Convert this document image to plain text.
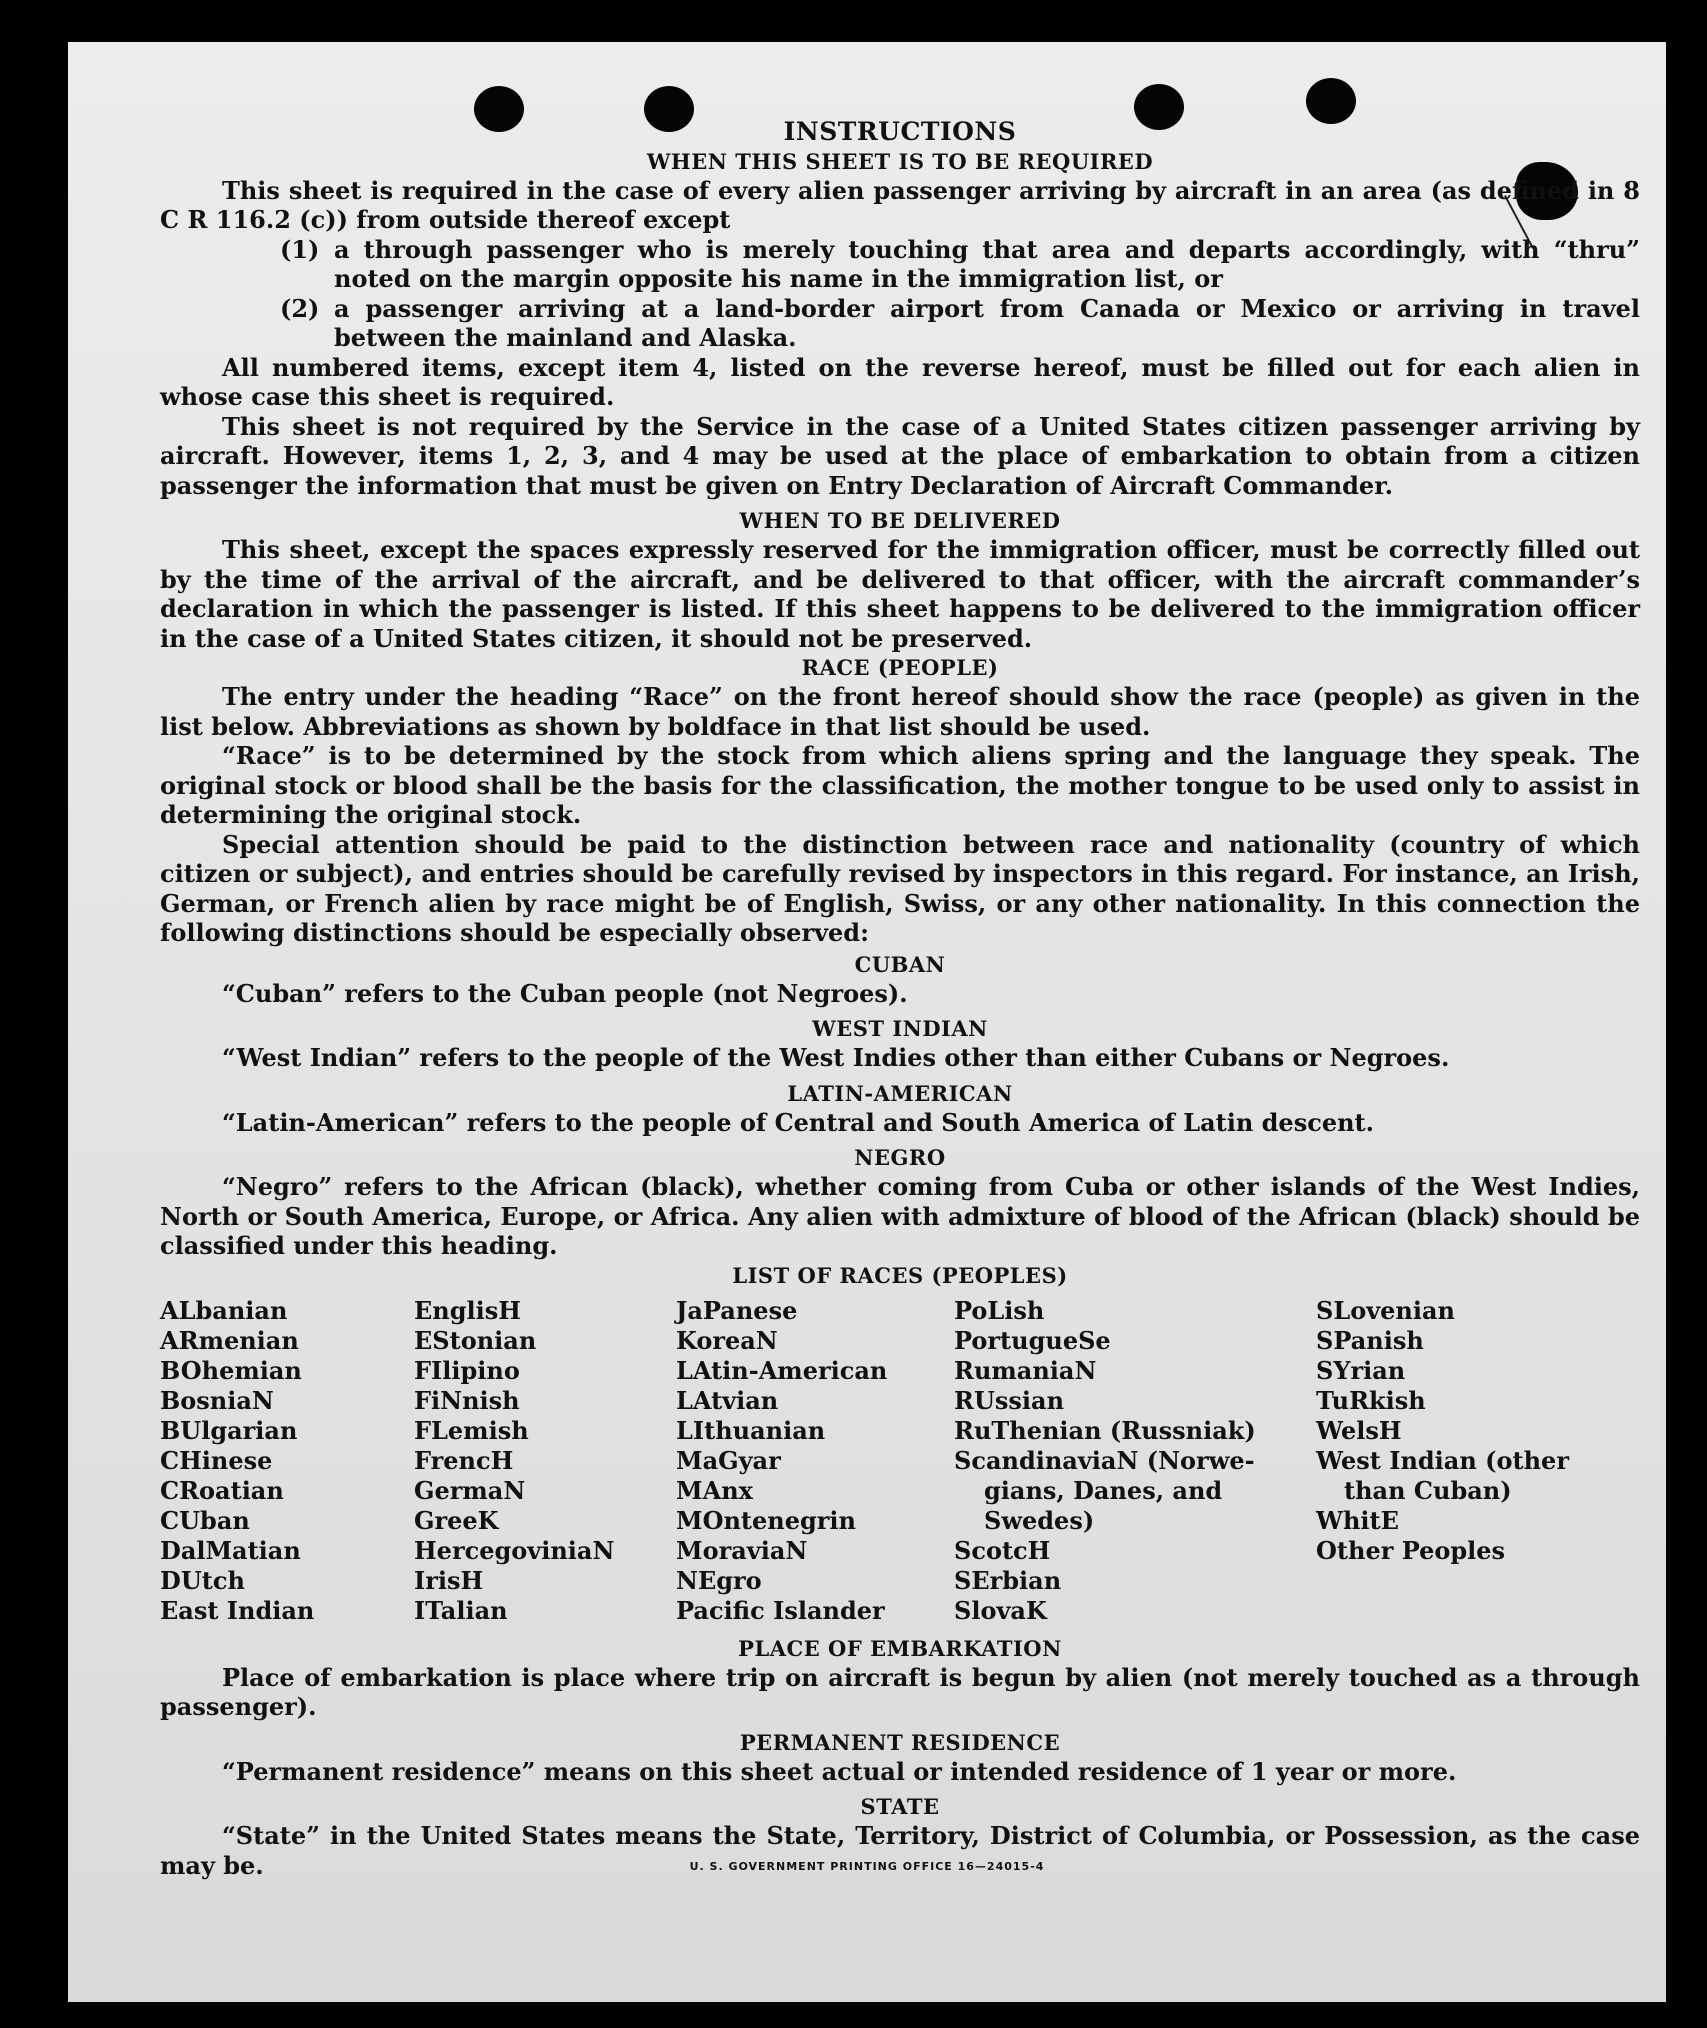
INSTRUCTIONS
WHEN THIS SHEET IS TO BE REQUIRED

This sheet is required in the case of every alien passenger arriving by aircraft in an area (as defined in 8 C R 116.2 (c)) from outside thereof except

(1) a through passenger who is merely touching that area and departs accordingly, with “thru” noted on the margin opposite his name in the immigration list, or
(2) a passenger arriving at a land-border airport from Canada or Mexico or arriving in travel between the mainland and Alaska.

All numbered items, except item 4, listed on the reverse hereof, must be filled out for each alien in whose case this sheet is required.

This sheet is not required by the Service in the case of a United States citizen passenger arriving by aircraft. However, items 1, 2, 3, and 4 may be used at the place of embarkation to obtain from a citizen passenger the information that must be given on Entry Declaration of Aircraft Commander.

WHEN TO BE DELIVERED

This sheet, except the spaces expressly reserved for the immigration officer, must be correctly filled out by the time of the arrival of the aircraft, and be delivered to that officer, with the aircraft commander’s declaration in which the passenger is listed. If this sheet happens to be delivered to the immigration officer in the case of a United States citizen, it should not be preserved.

RACE (PEOPLE)

The entry under the heading “Race” on the front hereof should show the race (people) as given in the list below. Abbreviations as shown by boldface in that list should be used.

“Race” is to be determined by the stock from which aliens spring and the language they speak. The original stock or blood shall be the basis for the classification, the mother tongue to be used only to assist in determining the original stock.

Special attention should be paid to the distinction between race and nationality (country of which citizen or subject), and entries should be carefully revised by inspectors in this regard. For instance, an Irish, German, or French alien by race might be of English, Swiss, or any other nationality. In this connection the following distinctions should be especially observed:

CUBAN

“Cuban” refers to the Cuban people (not Negroes).

WEST INDIAN

“West Indian” refers to the people of the West Indies other than either Cubans or Negroes.

LATIN-AMERICAN

“Latin-American” refers to the people of Central and South America of Latin descent.

NEGRO

“Negro” refers to the African (black), whether coming from Cuba or other islands of the West Indies, North or South America, Europe, or Africa. Any alien with admixture of blood of the African (black) should be classified under this heading.

LIST OF RACES (PEOPLES)
ALbanian
ARmenian
BOhemian
BosniaN
BUlgarian
CHinese
CRoatian
CUban
DalMatian
DUtch
East Indian
EnglisH
EStonian
FIlipino
FiNnish
FLemish
FrencH
GermaN
GreeK
HercegoviniaN
IrisH
ITalian
JaPanese
KoreaN
LAtin-American
LAtvian
LIthuanian
MaGyar
MAnx
MOntenegrin
MoraviaN
NEgro
Pacific Islander
PoLish
PortugueSe
RumaniaN
RUssian
RuThenian (Russniak)
ScandinaviaN (Norwe-
gians, Danes, and
Swedes)
ScotcH
SErbian
SlovaK
SLovenian
SPanish
SYrian
TuRkish
WelsH
West Indian (other
than Cuban)
WhitE
Other Peoples
PLACE OF EMBARKATION

Place of embarkation is place where trip on aircraft is begun by alien (not merely touched as a through passenger).

PERMANENT RESIDENCE

“Permanent residence” means on this sheet actual or intended residence of 1 year or more.

STATE

“State” in the United States means the State, Territory, District of Columbia, or Possession, as the case may be.	U. S. GOVERNMENT PRINTING OFFICE 16—24015-4
